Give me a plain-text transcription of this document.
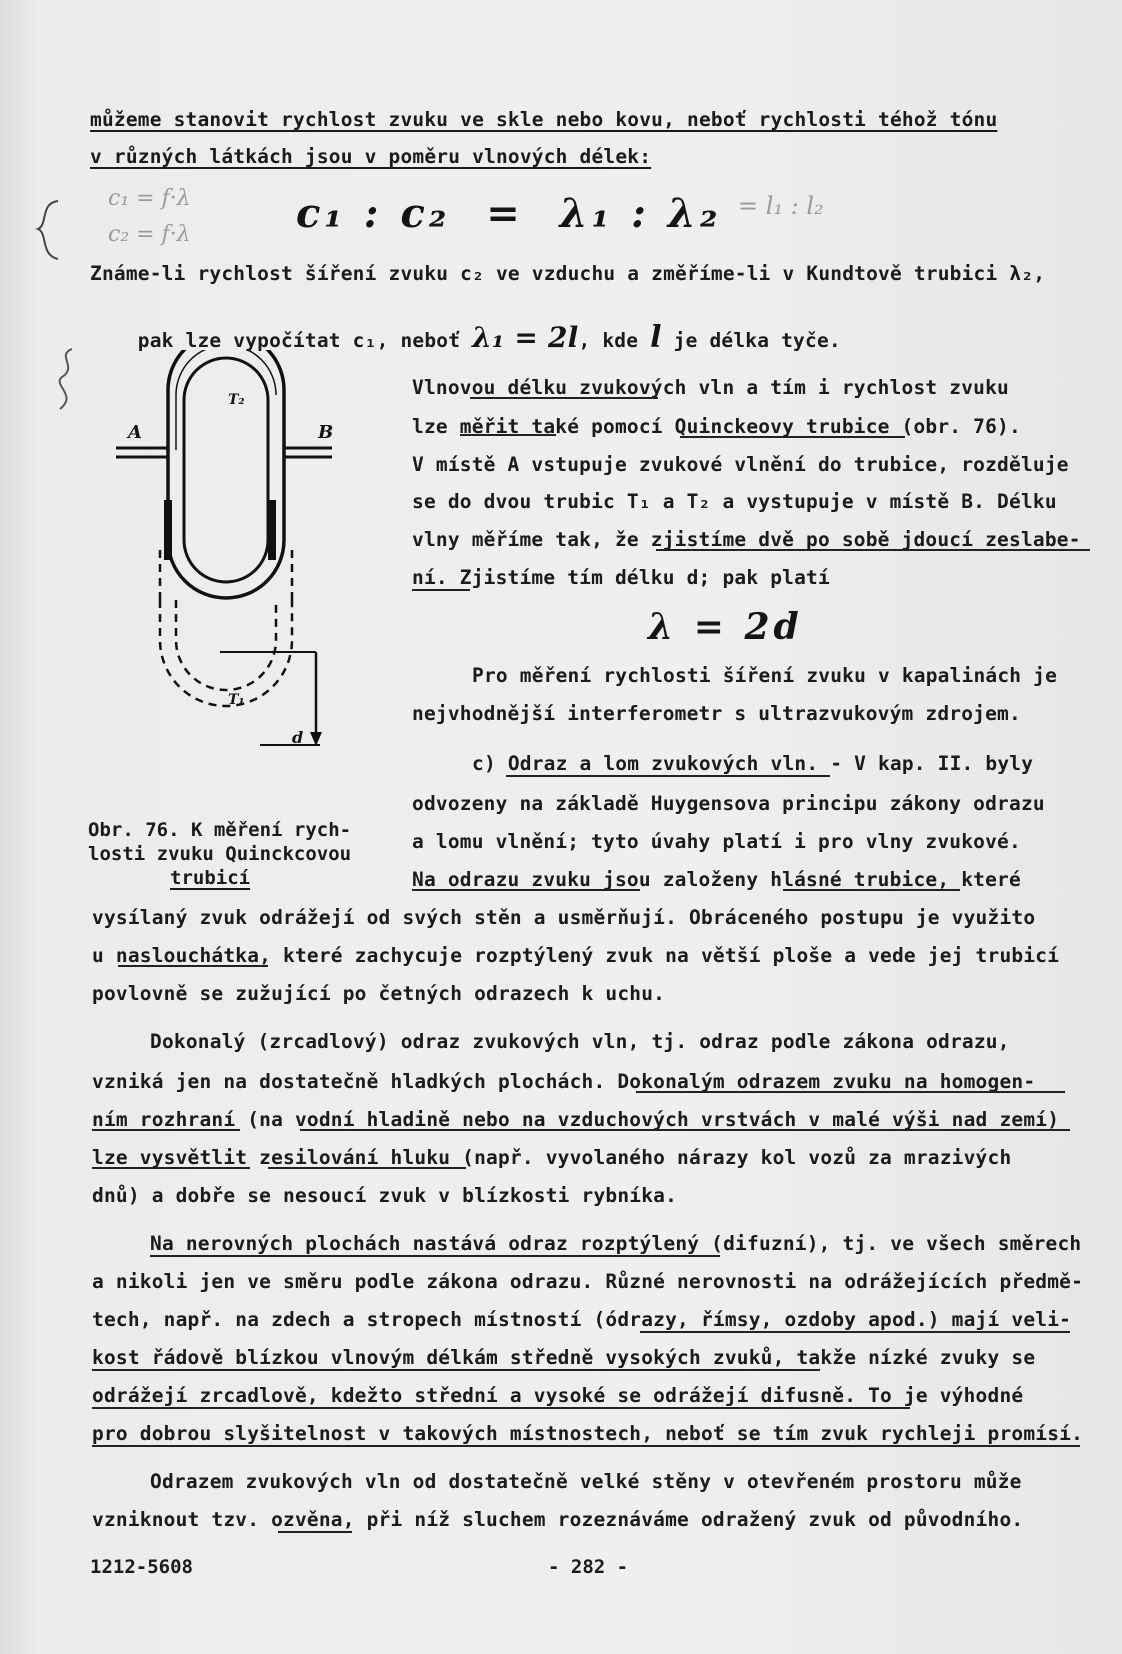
můžeme stanovit rychlost zvuku ve skle nebo kovu, neboť rychlosti téhož tónu
v různých látkách jsou v poměru vlnových délek:
c₁ = f·λ
c₂ = f·λ
= l₁ : l₂
c₁ : c₂  =  λ₁ : λ₂
Známe-li rychlost šíření zvuku c₂ ve vzduchu a změříme-li v Kundtově trubici λ₂,

pak lze vypočítat c₁, neboť λ₁ = 2l, kde l je délka tyče.

A	B
T₂
T₁
d
Obr. 76. K měření rych-
losti zvuku Quinckcovou
trubicí
Vlnovou délku zvukových vln a tím i rychlost zvuku
lze měřit také pomocí Quinckeovy trubice (obr. 76).
V místě A vstupuje zvukové vlnění do trubice, rozděluje
se do dvou trubic T₁ a T₂ a vystupuje v místě B. Délku
vlny měříme tak, že zjistíme dvě po sobě jdoucí zeslabe-
ní. Zjistíme tím délku d; pak platí
λ = 2d
Pro měření rychlosti šíření zvuku v kapalinách je
nejvhodnější interferometr s ultrazvukovým zdrojem.
c) Odraz a lom zvukových vln. - V kap. II. byly
odvozeny na základě Huygensova principu zákony odrazu
a lomu vlnění; tyto úvahy platí i pro vlny zvukové.
Na odrazu zvuku jsou založeny hlásné trubice, které
vysílaný zvuk odrážejí od svých stěn a usměrňují. Obráceného postupu je využito
u naslouchátka, které zachycuje rozptýlený zvuk na větší ploše a vede jej trubicí
povlovně se zužující po četných odrazech k uchu.
Dokonalý (zrcadlový) odraz zvukových vln, tj. odraz podle zákona odrazu,
vzniká jen na dostatečně hladkých plochách. Dokonalým odrazem zvuku na homogen-
ním rozhraní (na vodní hladině nebo na vzduchových vrstvách v malé výši nad zemí)
lze vysvětlit zesilování hluku (např. vyvolaného nárazy kol vozů za mrazivých
dnů) a dobře se nesoucí zvuk v blízkosti rybníka.
Na nerovných plochách nastává odraz rozptýlený (difuzní), tj. ve všech směrech
a nikoli jen ve směru podle zákona odrazu. Různé nerovnosti na odrážejících předmě-
tech, např. na zdech a stropech místností (ódrazy, římsy, ozdoby apod.) mají veli-
kost řádově blízkou vlnovým délkám středně vysokých zvuků, takže nízké zvuky se
odrážejí zrcadlově, kdežto střední a vysoké se odrážejí difusně. To je výhodné
pro dobrou slyšitelnost v takových místnostech, neboť se tím zvuk rychleji promísí.
Odrazem zvukových vln od dostatečně velké stěny v otevřeném prostoru může
vzniknout tzv. ozvěna, při níž sluchem rozeznáváme odražený zvuk od původního.
1212-5608	- 282 -
